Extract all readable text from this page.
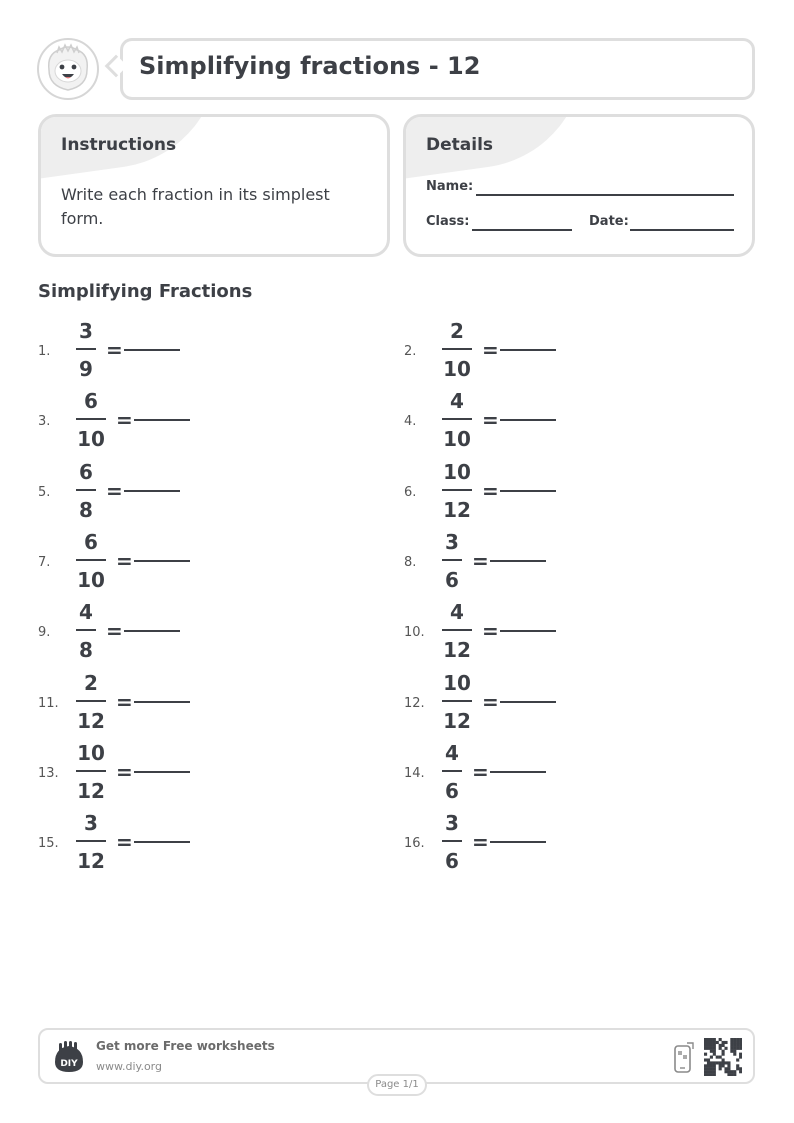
Simplifying fractions - 12
Instructions
Write each fraction in its simplest form.
Details
Name:
Class:	Date:
Simplifying Fractions
1.
3
9
=	2.
2
10
=
3.
6
10
=	4.
4
10
=
5.
6
8
=	6.
10
12
=
7.
6
10
=	8.
3
6
=
9.
4
8
=	10.
4
12
=
11.
2
12
=	12.
10
12
=
13.
10
12
=	14.
4
6
=
15.
3
12
=	16.
3
6
=
DIY
Get more Free worksheets
www.diy.org
Page 1/1
